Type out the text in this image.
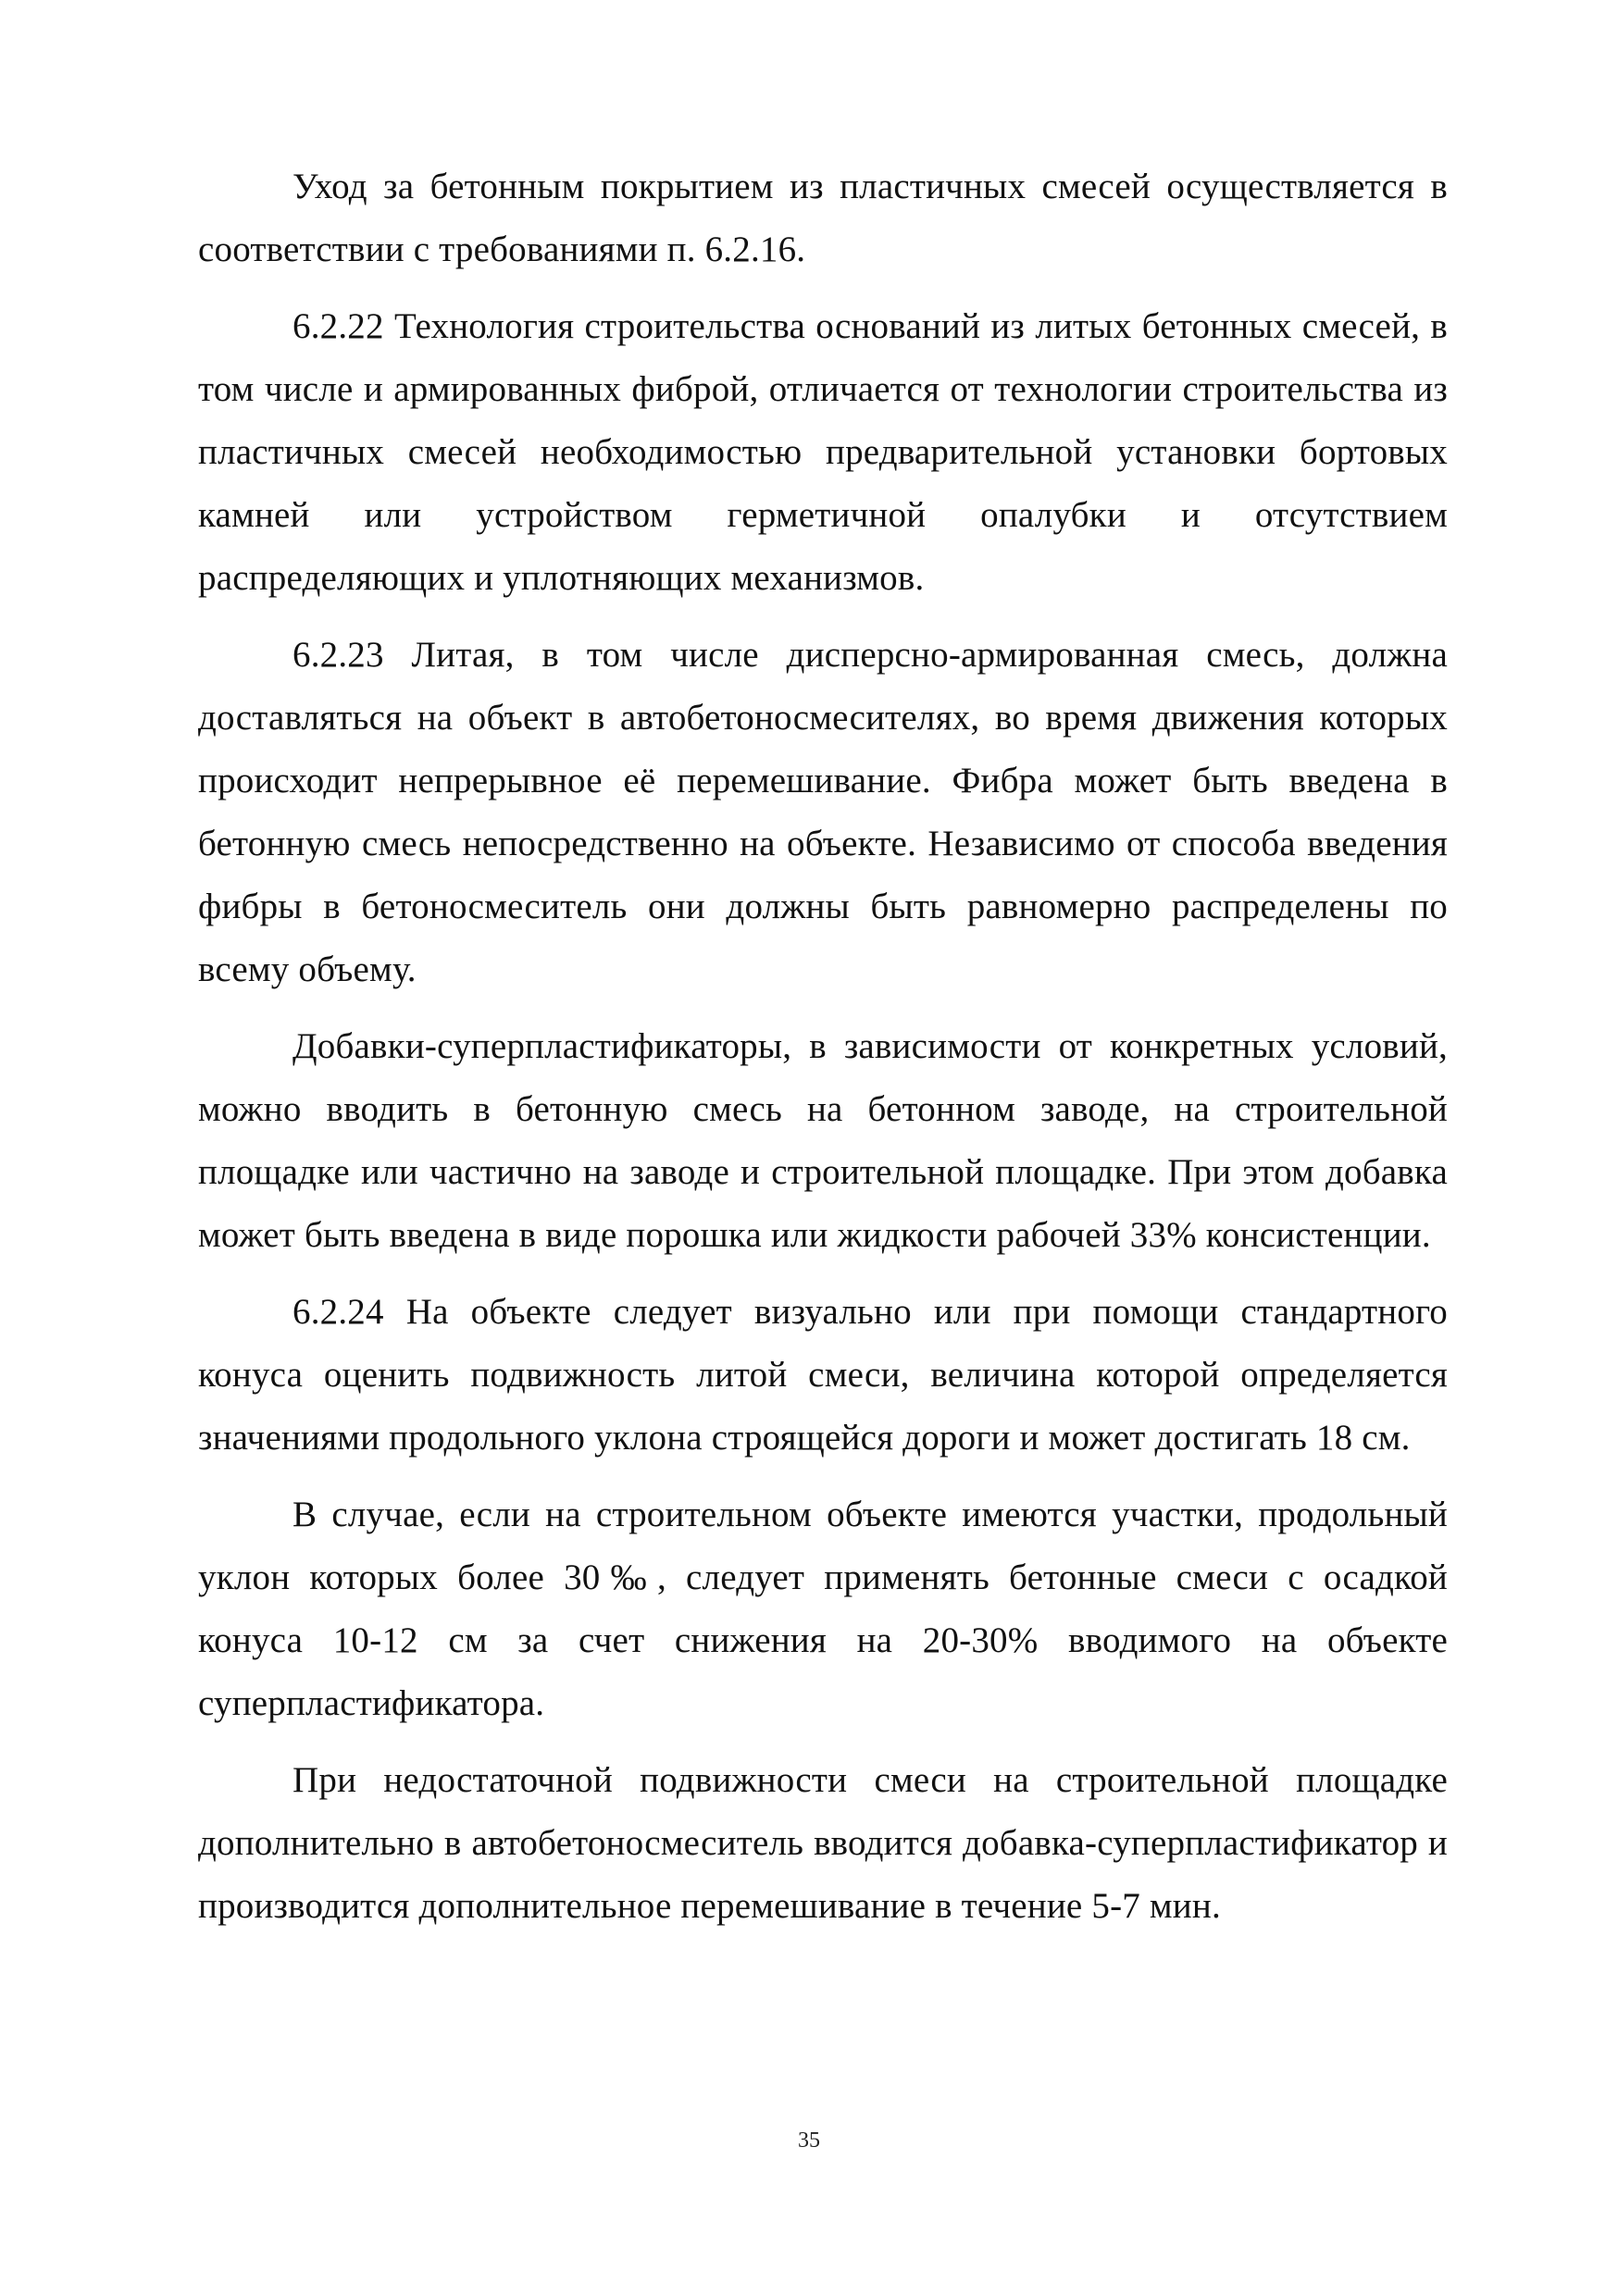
Уход за бетонным покрытием из пластичных смесей осуществляется в соответствии с требованиями п. 6.2.16.

6.2.22 Технология строительства оснований из литых бетонных смесей, в том числе и армированных фиброй, отличается от технологии строительства из пластичных смесей необходимостью предварительной установки бортовых камней или устройством герметичной опалубки и отсутствием распределяющих и уплотняющих механизмов.

6.2.23 Литая, в том числе дисперсно-армированная смесь, должна доставляться на объект в автобетоносмесителях, во время движения которых происходит непрерывное её перемешивание. Фибра может быть введена в бетонную смесь непосредственно на объекте. Независимо от способа введения фибры в бетоносмеситель они должны быть равномерно распределены по всему объему.

Добавки-суперпластификаторы, в зависимости от конкретных условий, можно вводить в бетонную смесь на бетонном заводе, на строительной площадке или частично на заводе и строительной площадке. При этом добавка может быть введена в виде порошка или жидкости рабочей 33% консистенции.

6.2.24 На объекте следует визуально или при помощи стандартного конуса оценить подвижность литой смеси, величина которой определяется значениями продольного уклона строящейся дороги и может достигать 18 см.

В случае, если на строительном объекте имеются участки, продольный уклон которых более 30‰, следует применять бетонные смеси с осадкой конуса 10-12 см за счет снижения на 20-30% вводимого на объекте суперпластификатора.

При недостаточной подвижности смеси на строительной площадке дополнительно в автобетоносмеситель вводится добавка-суперпластификатор и производится дополнительное перемешивание в течение 5-7 мин.

35
